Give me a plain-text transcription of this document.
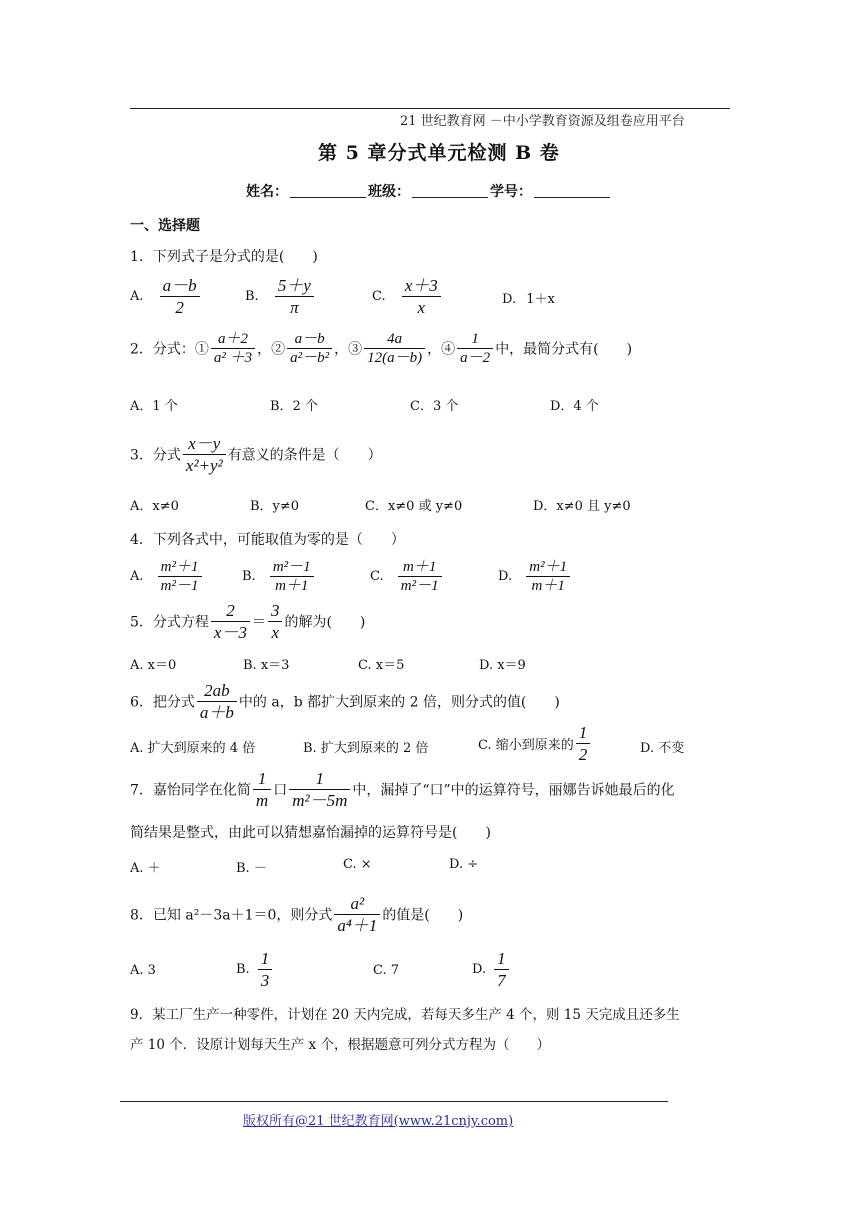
21 世纪教育网 －中小学教育资源及组卷应用平台
第 5 章分式单元检测 B 卷
姓名：	班级：	学号：
一、选择题
1．下列式子是分式的是(　　)
A. $\frac{a-b}{2}$	B. $\frac{5+y}{\pi}$	C. $\frac{x+3}{x}$	D. 1＋x
2．分式：① $\frac{a+2}{\text{a² ＋3}}$ ，② $\frac{a-b}{\text{a²－b²}}$ ，③ $\frac{4a}{12(a-b)}$ ，④ $\frac{1}{a-2}$ 中，最简分式有(　　)
A．1 个	B．2 个	C．3 个	D．4 个
3．分式 $\frac{x-y}{\text{x²+y²}}$ 有意义的条件是（　　）
A．x≠0	B．y≠0	C．x≠0 或 y≠0	D．x≠0 且 y≠0
4．下列各式中，可能取值为零的是（　　）
A. $\frac{\text{m²＋1}}{\text{m²－1}}$	B. $\frac{\text{m²－1}}{m+1}$	C. $\frac{m+1}{\text{m²－1}}$	D. $\frac{\text{m²＋1}}{m+1}$
5．分式方程 $\frac{2}{x-3} = \frac{3}{x}$ 的解为(　　)
A. x＝0	B. x＝3	C. x＝5	D. x＝9
6．把分式 $\frac{2ab}{a+b}$ 中的 a，b 都扩大到原来的 2 倍，则分式的值(　　)
A. 扩大到原来的 4 倍	B. 扩大到原来的 2 倍	C. 缩小到原来的 $\frac{1}{2}$	D. 不变
7．嘉怡同学在化简 $\frac{1}{m}$ 口 $\frac{1}{\text{m²－5m}}$ 中，漏掉了“口”中的运算符号，丽娜告诉她最后的化
简结果是整式，由此可以猜想嘉怡漏掉的运算符号是(　　)
A. ＋	B. －	C. ×	D. ÷
8．已知 a²－3a＋1＝0，则分式 $\frac{\text{a²}}{\text{a⁴＋1}}$ 的值是(　　)
A. 3	B. $\frac{1}{3}$	C. 7	D. $\frac{1}{7}$
9．某工厂生产一种零件，计划在 20 天内完成，若每天多生产 4 个，则 15 天完成且还多生
产 10 个．设原计划每天生产 x 个，根据题意可列分式方程为（　　）
版权所有@21 世纪教育网(www.21cnjy.com)
